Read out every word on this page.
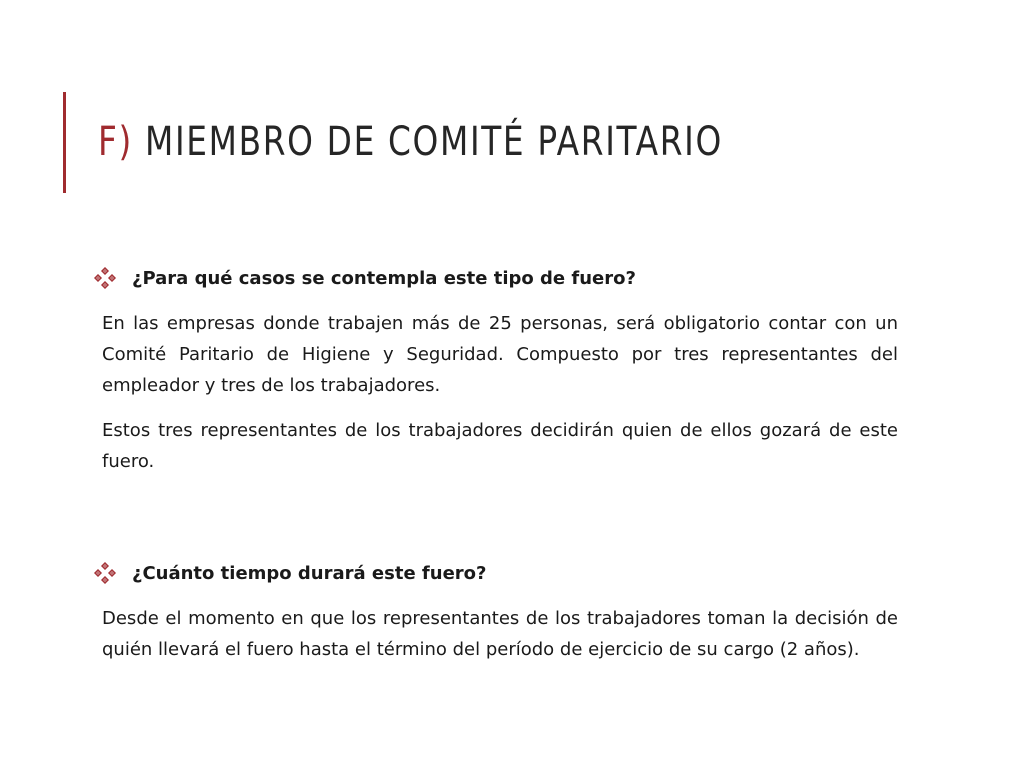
F) MIEMBRO DE COMITÉ PARITARIO
¿Para qué casos se contempla este tipo de fuero?

En las empresas donde trabajen más de 25 personas, será obligatorio contar con un Comité Paritario de Higiene y Seguridad. Compuesto por tres representantes del empleador y tres de los trabajadores.

Estos tres representantes de los trabajadores decidirán quien de ellos gozará de este fuero.

¿Cuánto tiempo durará este fuero?

Desde el momento en que los representantes de los trabajadores toman la decisión de quién llevará el fuero hasta el término del período de ejercicio de su cargo (2 años).
